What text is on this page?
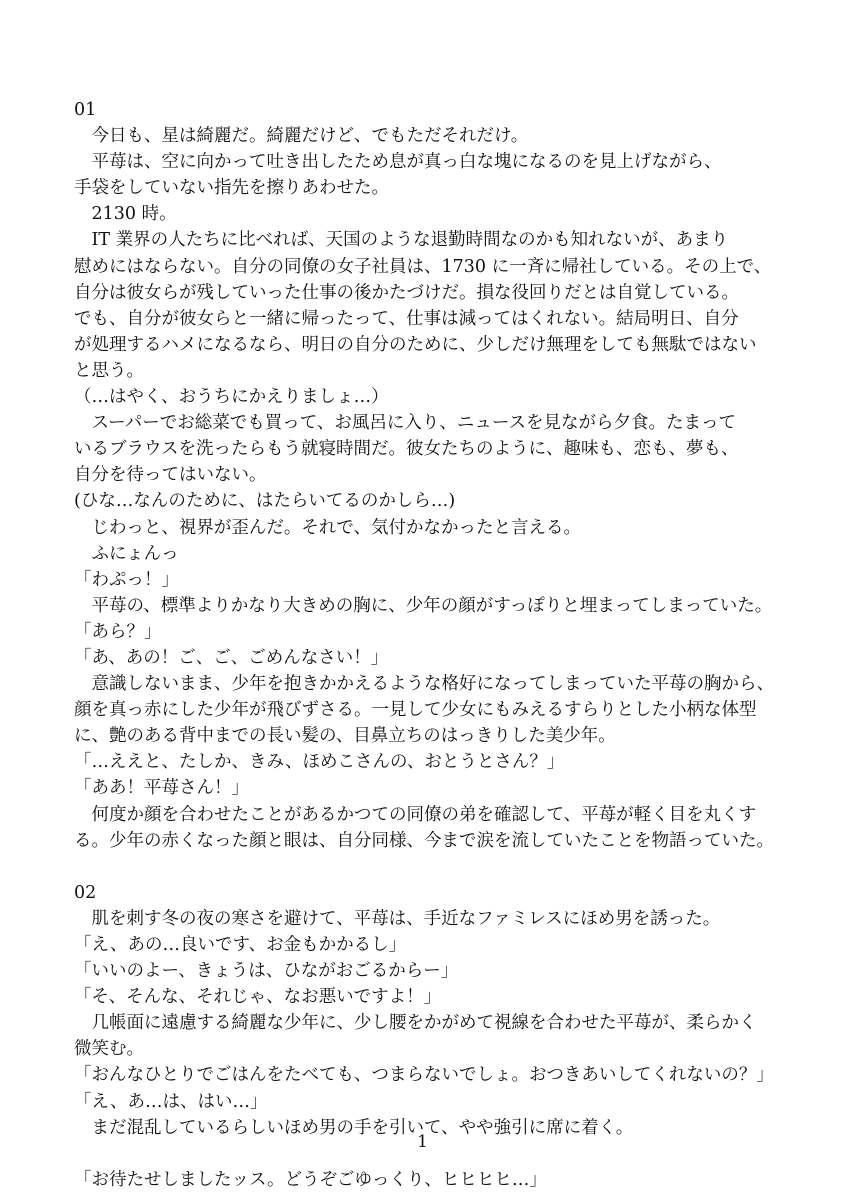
01
　今日も、星は綺麗だ。綺麗だけど、でもただそれだけ。
　平苺は、空に向かって吐き出したため息が真っ白な塊になるのを見上げながら、
手袋をしていない指先を擦りあわせた。
　2130 時。
　IT 業界の人たちに比べれば、天国のような退勤時間なのかも知れないが、あまり
慰めにはならない。自分の同僚の女子社員は、1730 に一斉に帰社している。その上で、
自分は彼女らが残していった仕事の後かたづけだ。損な役回りだとは自覚している。
でも、自分が彼女らと一緒に帰ったって、仕事は減ってはくれない。結局明日、自分
が処理するハメになるなら、明日の自分のために、少しだけ無理をしても無駄ではない
と思う。
（…はやく、おうちにかえりましょ…）
　スーパーでお総菜でも買って、お風呂に入り、ニュースを見ながら夕食。たまって
いるブラウスを洗ったらもう就寝時間だ。彼女たちのように、趣味も、恋も、夢も、
自分を待ってはいない。
(ひな…なんのために、はたらいてるのかしら…)
　じわっと、視界が歪んだ。それで、気付かなかったと言える。
　ふにょんっ
「わぷっ！」
　平苺の、標準よりかなり大きめの胸に、少年の顔がすっぽりと埋まってしまっていた。
「あら？」
「あ、あの！ご、ご、ごめんなさい！」
　意識しないまま、少年を抱きかかえるような格好になってしまっていた平苺の胸から、
顔を真っ赤にした少年が飛びずさる。一見して少女にもみえるすらりとした小柄な体型
に、艶のある背中までの長い髪の、目鼻立ちのはっきりした美少年。
「…ええと、たしか、きみ、ほめこさんの、おとうとさん？」
「ああ！平苺さん！」
　何度か顔を合わせたことがあるかつての同僚の弟を確認して、平苺が軽く目を丸くす
る。少年の赤くなった顔と眼は、自分同様、今まで涙を流していたことを物語っていた。
02
　肌を刺す冬の夜の寒さを避けて、平苺は、手近なファミレスにほめ男を誘った。
「え、あの…良いです、お金もかかるし」
「いいのよー、きょうは、ひながおごるからー」
「そ、そんな、それじゃ、なお悪いですよ！」
　几帳面に遠慮する綺麗な少年に、少し腰をかがめて視線を合わせた平苺が、柔らかく
微笑む。
「おんなひとりでごはんをたべても、つまらないでしょ。おつきあいしてくれないの？」
「え、あ…は、はい…」
　まだ混乱しているらしいほめ男の手を引いて、やや強引に席に着く。
「お待たせしましたッス。どうぞごゆっくり、ヒヒヒヒ…」
1
